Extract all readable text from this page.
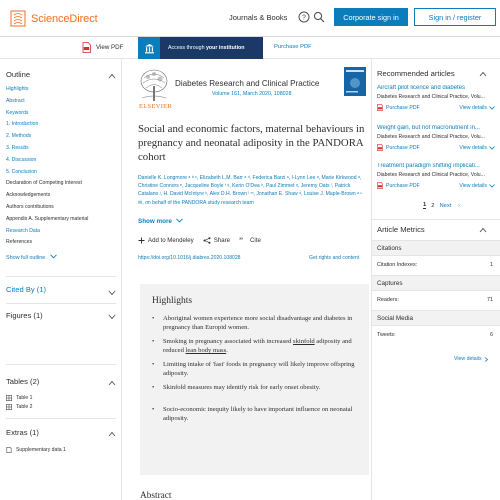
ScienceDirect	Journals & Books ?	Corporate sign in	Sign in / register
View PDF	Access through your institution	Purchase PDF
Outline
Highlights
Abstract
Keywords
1. Introduction
2. Methods
3. Results
4. Discussion
5. Conclusion
Declaration of Competing Interest
Acknowledgements
Authors contributions
Appendix A. Supplementary material
Research Data
References
Show full outline
Cited By (1)
Figures (1)
Tables (2)
Table 1
Table 2
Extras (1)
Supplementary data 1
ELSEVIER
Diabetes Research and Clinical Practice
Volume 161, March 2020, 108028
Social and economic factors, maternal behaviours in pregnancy and neonatal adiposity in the PANDORA cohort
Danielle K. Longmore ᵃ ᵇ ᶜ, Elizabeth L.M. Barr ᵃ ᵈ, Federica Barzi ᵃ, I-Lynn Lee ᵃ, Marie Kirkwood ᵃ, Christine Connors ᵉ, Jacqueline Boyle ᶠ ᵍ, Kerin O'Dea ʰ, Paul Zimmet ᵍ, Jeremy Oats ⁱ, Patrick Catalano ʲ, H. David McIntyre ᵏ, Alex D.H. Brown ˡ ᵐ, Jonathan E. Shaw ᵈ, Louise J. Maple-Brown ᵃ ⁿ ✉, on behalf of the PANDORA study research team
Show more
Add to Mendeley	Share ” Cite
https://doi.org/10.1016/j.diabres.2020.108028	Get rights and content
Highlights
• Aboriginal women experience more social disadvantage and diabetes in pregnancy than Europid women.
• Smoking in pregnancy associated with increased skinfold adiposity and reduced lean body mass.
• Limiting intake of 'fast' foods in pregnancy will likely improve offspring adiposity.
• Skinfold measures may identify risk for early onset obesity.
• Socio-economic inequity likely to have important influence on neonatal adiposity.
Abstract
Recommended articles
Aircraft pilot licence and diabetes
Diabetes Research and Clinical Practice, Volu...
Purchase PDF	View details
Weight gain, but not macronutrient in...
Diabetes Research and Clinical Practice, Volu...
Purchase PDF	View details
Treatment paradigm shifting implicati...
Diabetes Research and Clinical Practice, Volu...
Purchase PDF	View details
1 2 Next ›
Article Metrics
Citations
Citation Indexes:	1
Captures
Readers:	71
Social Media
Tweets:	6
View details
